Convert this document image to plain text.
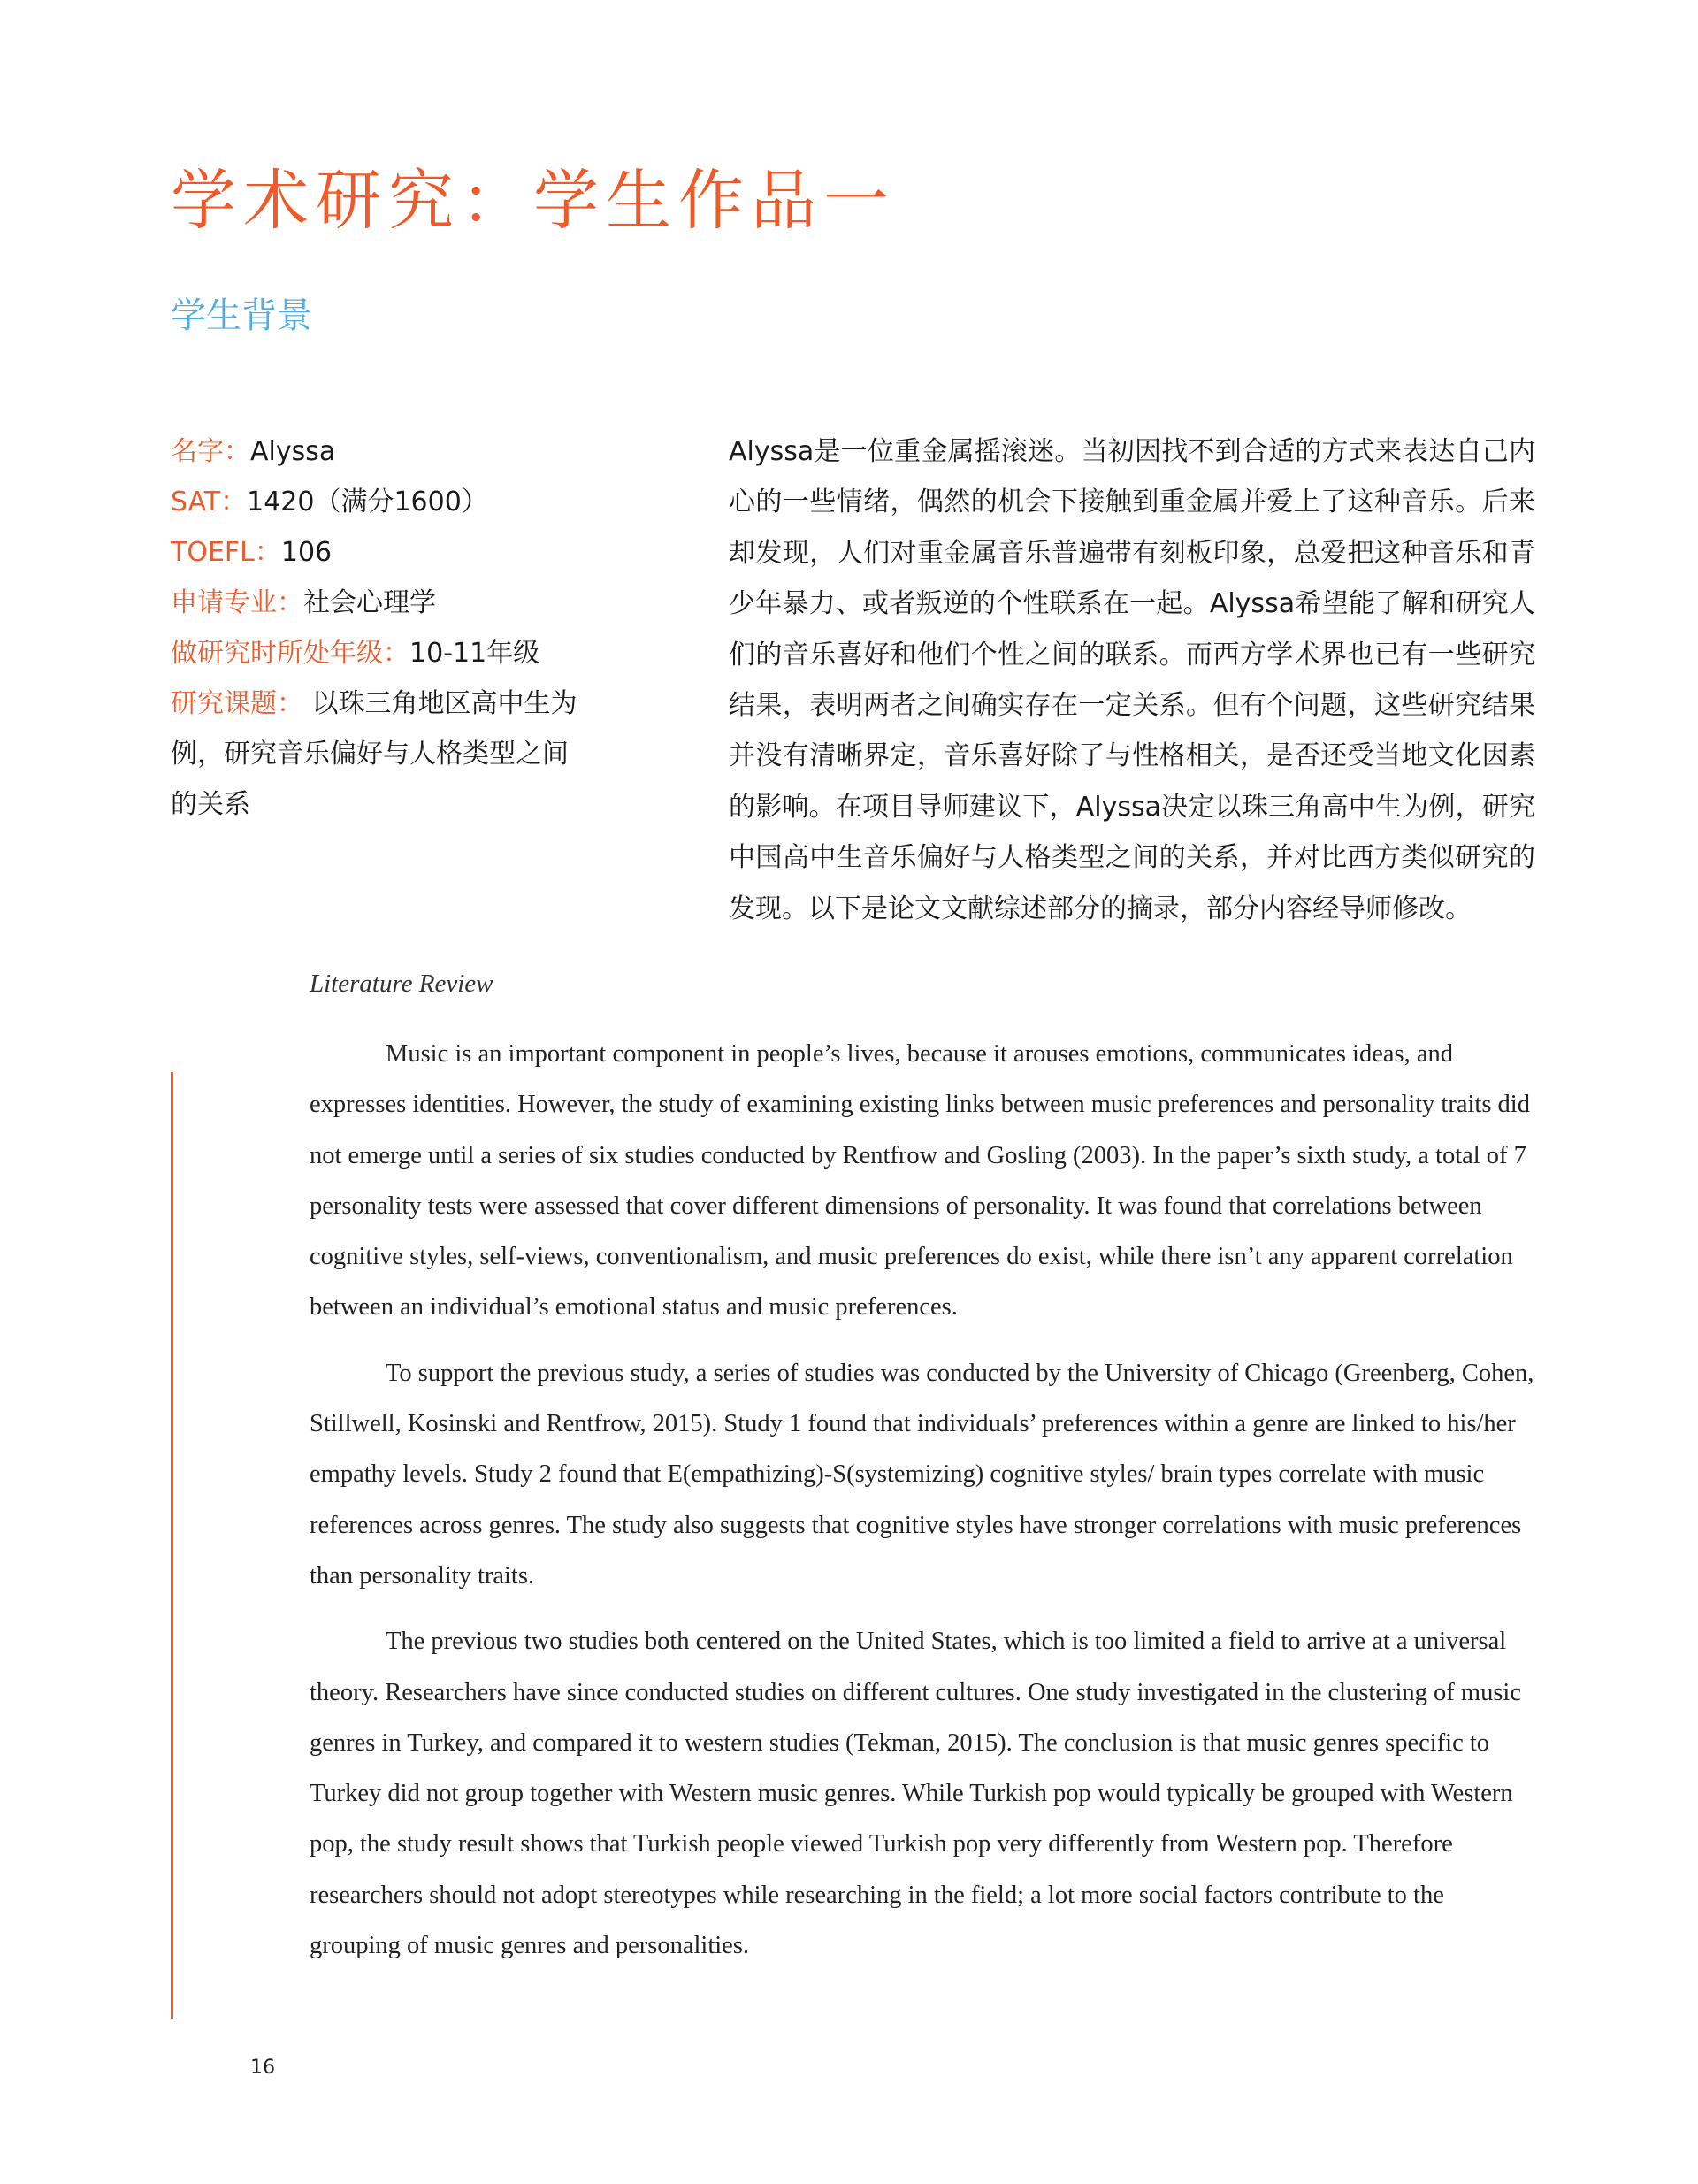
学术研究：学生作品一
学生背景

名字：Alyssa

SAT：1420（满分1600）

TOEFL：106

申请专业：社会心理学

做研究时所处年级：10-11年级

研究课题： 以珠三角地区高中生为例，研究音乐偏好与人格类型之间的关系

Alyssa是一位重金属摇滚迷。当初因找不到合适的方式来表达自己内心的一些情绪，偶然的机会下接触到重金属并爱上了这种音乐。后来却发现，人们对重金属音乐普遍带有刻板印象，总爱把这种音乐和青少年暴力、或者叛逆的个性联系在一起。Alyssa希望能了解和研究人们的音乐喜好和他们个性之间的联系。而西方学术界也已有一些研究结果，表明两者之间确实存在一定关系。但有个问题，这些研究结果并没有清晰界定，音乐喜好除了与性格相关，是否还受当地文化因素的影响。在项目导师建议下，Alyssa决定以珠三角高中生为例，研究中国高中生音乐偏好与人格类型之间的关系，并对比西方类似研究的发现。以下是论文文献综述部分的摘录，部分内容经导师修改。

Literature Review

Music is an important component in people’s lives, because it arouses emotions, communicates ideas, and expresses identities. However, the study of examining existing links between music preferences and personality traits did not emerge until a series of six studies conducted by Rentfrow and Gosling (2003). In the paper’s sixth study, a total of 7 personality tests were assessed that cover different dimensions of personality. It was found that correlations between cognitive styles, self-views, conventionalism, and music preferences do exist, while there isn’t any apparent correlation between an individual’s emotional status and music preferences.

To support the previous study, a series of studies was conducted by the University of Chicago (Greenberg, Cohen, Stillwell, Kosinski and Rentfrow, 2015). Study 1 found that individuals’ preferences within a genre are linked to his/her empathy levels. Study 2 found that E(empathizing)-S(systemizing) cognitive styles/ brain types correlate with music references across genres. The study also suggests that cognitive styles have stronger correlations with music preferences than personality traits.

The previous two studies both centered on the United States, which is too limited a field to arrive at a universal theory. Researchers have since conducted studies on different cultures. One study investigated in the clustering of music genres in Turkey, and compared it to western studies (Tekman, 2015). The conclusion is that music genres specific to Turkey did not group together with Western music genres. While Turkish pop would typically be grouped with Western pop, the study result shows that Turkish people viewed Turkish pop very differently from Western pop. Therefore researchers should not adopt stereotypes while researching in the field; a lot more social factors contribute to the grouping of music genres and personalities.

16
